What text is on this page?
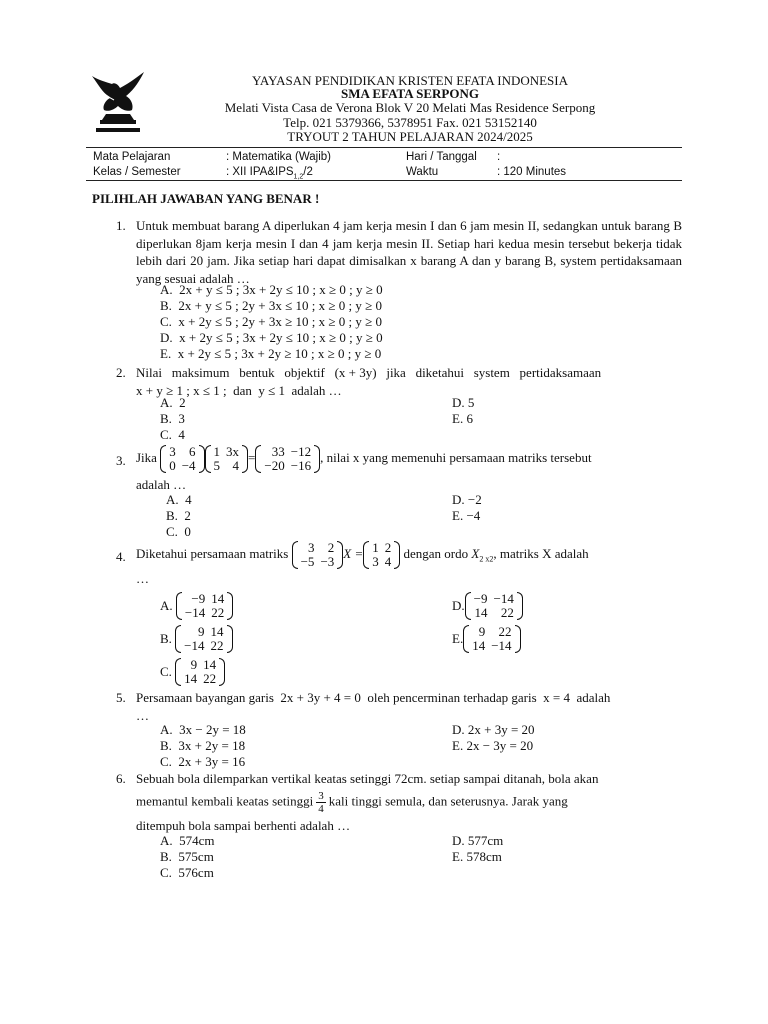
YAYASAN PENDIDIKAN KRISTEN EFATA INDONESIA
SMA EFATA SERPONG
Melati Vista Casa de Verona Blok V 20 Melati Mas Residence Serpong
Telp. 021 5379366, 5378951 Fax. 021 53152140
TRYOUT 2 TAHUN PELAJARAN 2024/2025
Mata Pelajaran	: Matematika (Wajib)	Hari / Tanggal :
Kelas / Semester	: XII $IPA\&IPS_{1,2}/2$	Waktu	: 120 Minutes
PILIHLAH JAWABAN YANG BENAR !
1. Untuk membuat barang A diperlukan 4 jam kerja mesin I dan 6 jam mesin II, sedangkan untuk barang B diperlukan 8jam kerja mesin I dan 4 jam kerja mesin II. Setiap hari kedua mesin tersebut bekerja tidak lebih dari 20 jam. Jika setiap hari dapat dimisalkan x barang A dan y barang B, system pertidaksamaan yang sesuai adalah …
A. 2x + y ≤ 5 ; 3x + 2y ≤ 10 ; x ≥ 0 ; y ≥ 0
B. 2x + y ≤ 5 ; 2y + 3x ≤ 10 ; x ≥ 0 ; y ≥ 0
C. x + 2y ≤ 5 ; 2y + 3x ≥ 10 ; x ≥ 0 ; y ≥ 0
D. x + 2y ≤ 5 ; 3x + 2y ≤ 10 ; x ≥ 0 ; y ≥ 0
E. x + 2y ≤ 5 ; 3x + 2y ≥ 10 ; x ≥ 0 ; y ≥ 0
2. Nilai   maksimum   bentuk   objektif   (x + 3y)   jika   diketahui   system   pertidaksamaan
x + y ≥ 1 ; x ≤ 1 ;  dan  y ≤ 1  adalah …
A. 2
B. 3
C. 4
D. 5
E. 6
3. Jika 3	6
0	−4
1	3x
5	4
= 33	−12
−20	−16
, nilai x yang memenuhi persamaan matriks tersebut
adalah …
A. 4
B. 2
C. 0
D. −2
E. −4
4. Diketahui persamaan matriks 3	2
−5	−3
X = 1	2
3	4
dengan ordo $X_{2 x2}$, matriks X adalah
…
A. −9	14
−14	22
B. 9	14
−14	22
C. 9	14
14	22
D. −9	−14
14	22
E. 9	22
14	−14
5. Persamaan bayangan garis  2x + 3y + 4 = 0  oleh pencerminan terhadap garis  x = 4  adalah
…
A. 3x − 2y = 18
B. 3x + 2y = 18
C. 2x + 3y = 16
D. 2x + 3y = 20
E. 2x − 3y = 20
6. Sebuah bola dilemparkan vertikal keatas setinggi 72cm. setiap sampai ditanah, bola akan
memantul kembali keatas setinggi $\frac{3}{4}$ kali tinggi semula, dan seterusnya. Jarak yang
ditempuh bola sampai berhenti adalah …
A. 574cm
B. 575cm
C. 576cm
D. 577cm
E. 578cm
